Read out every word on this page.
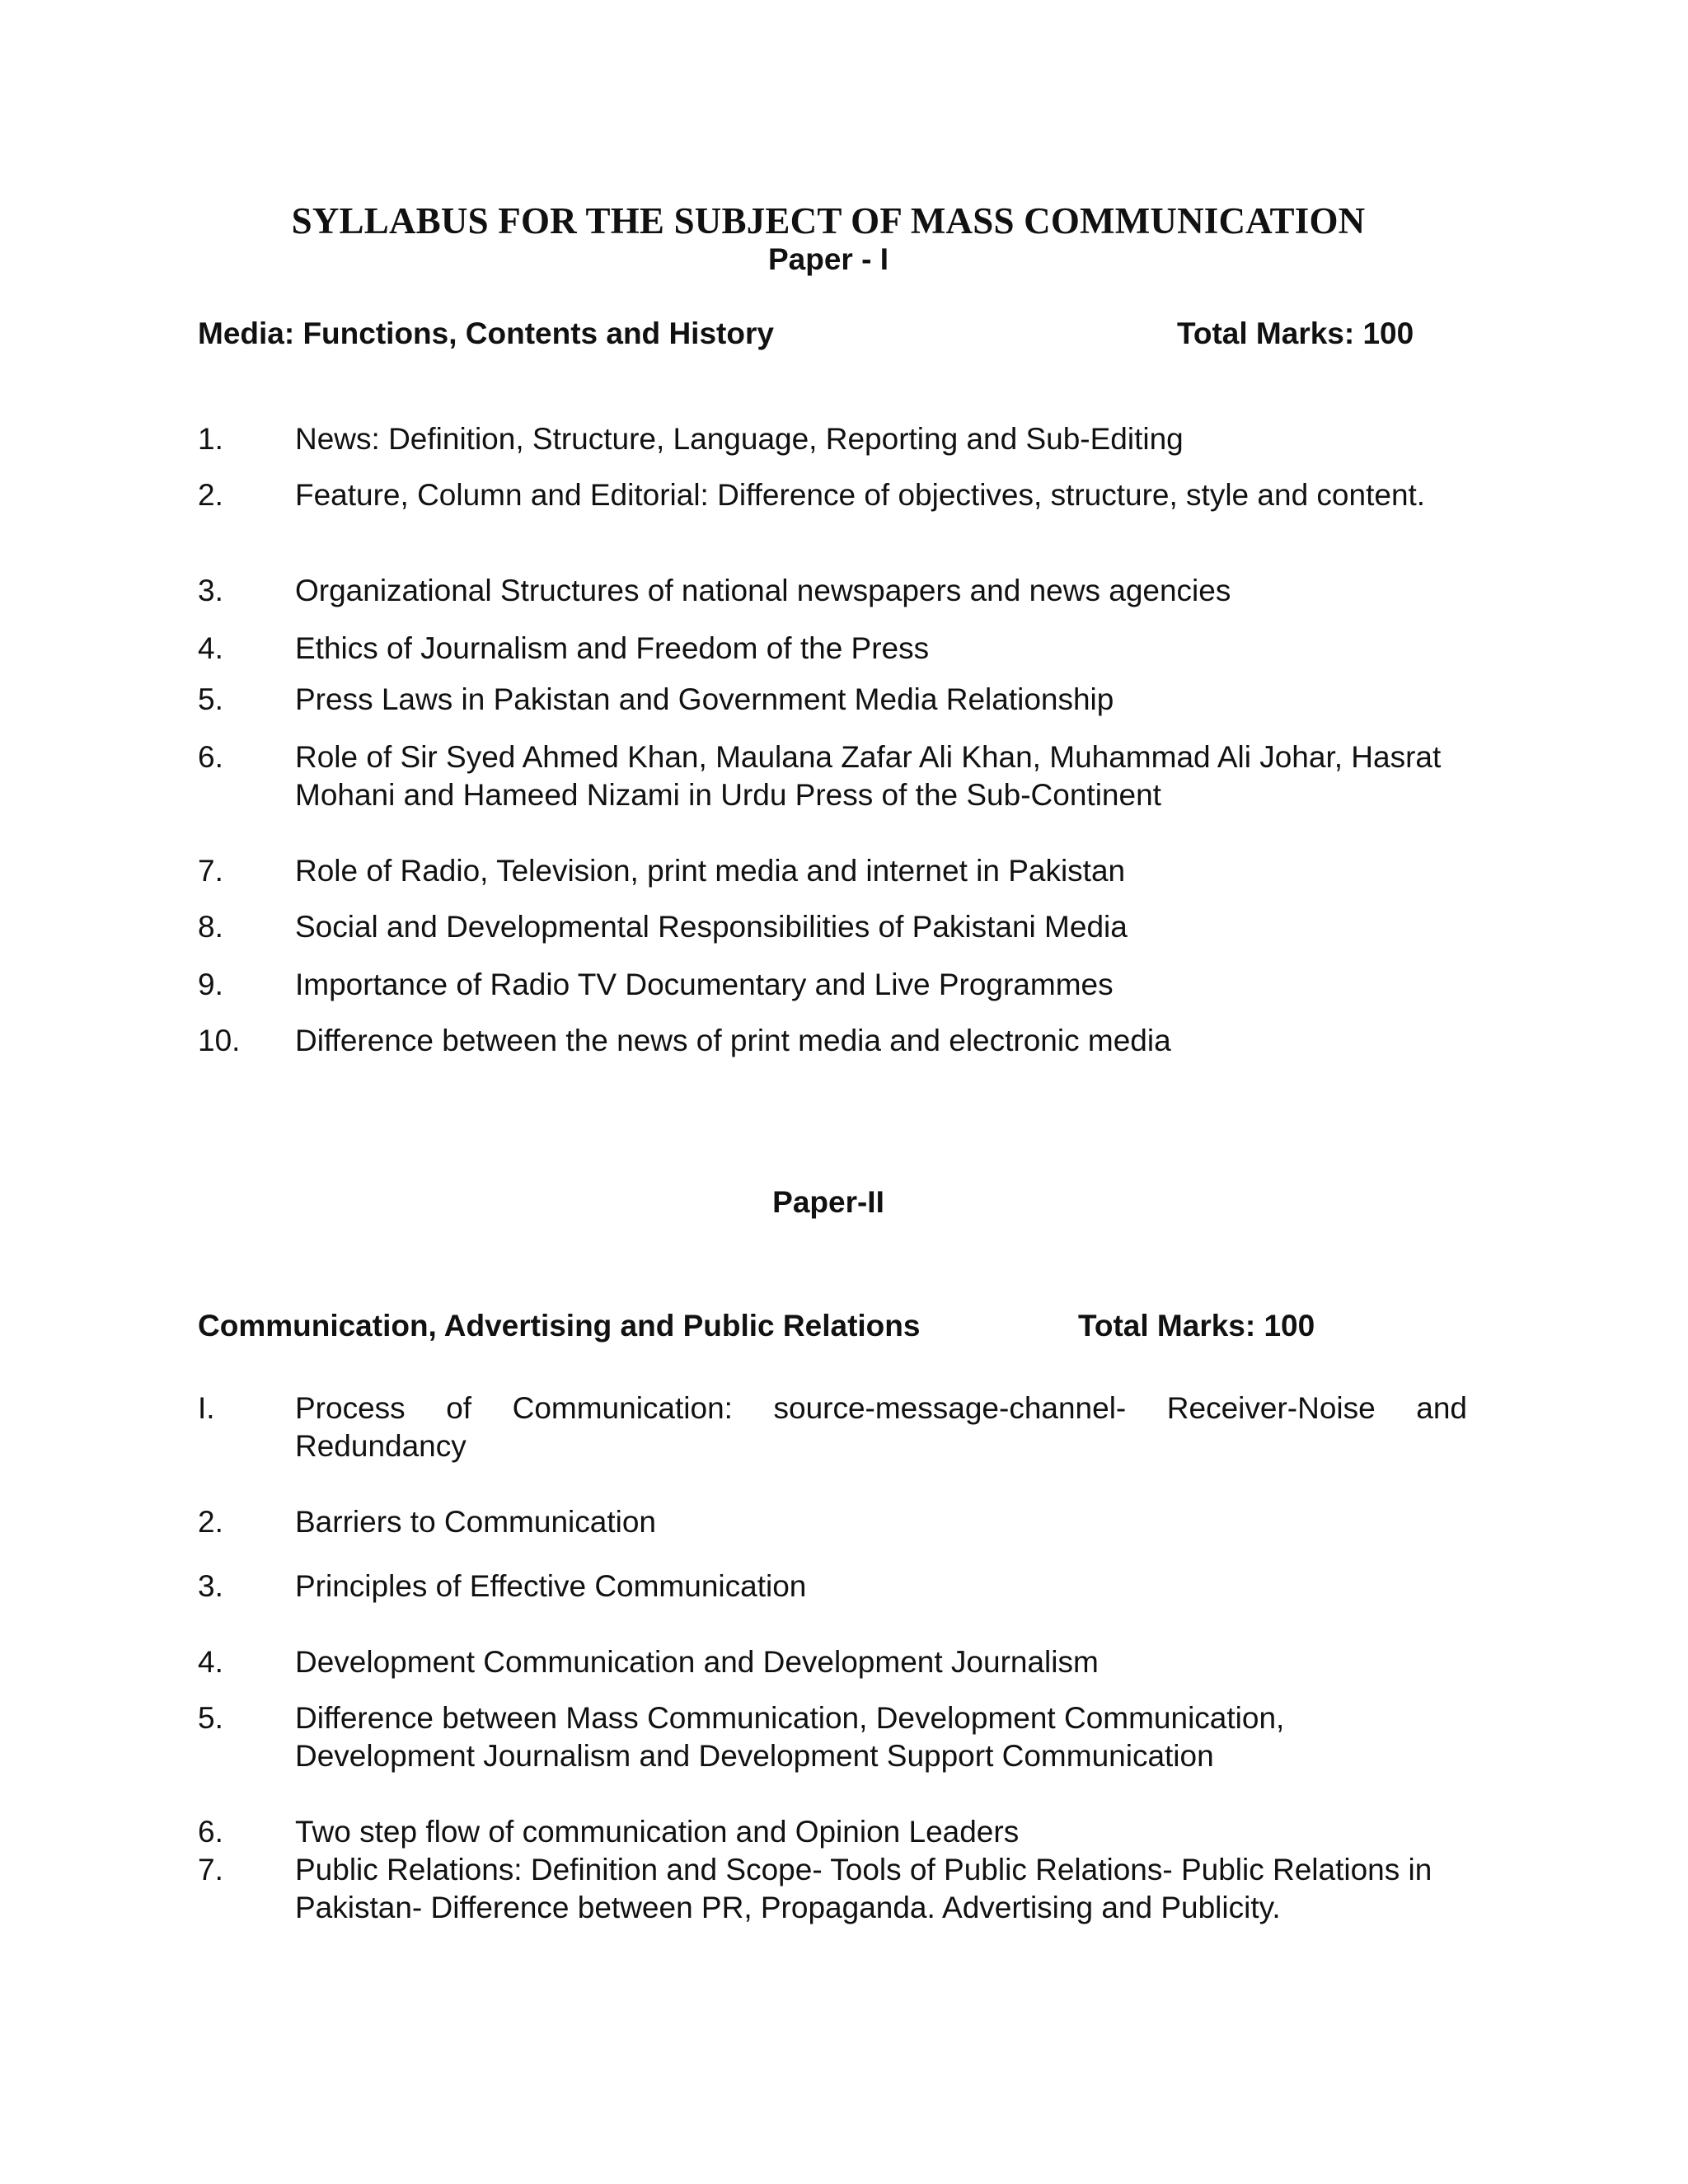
SYLLABUS FOR THE SUBJECT OF MASS COMMUNICATION
Paper - I
Media: Functions, Contents and History	Total Marks: 100
1. News: Definition, Structure, Language, Reporting and Sub-Editing
2. Feature, Column and Editorial: Difference of objectives, structure, style and content.
3. Organizational Structures of national newspapers and news agencies
4. Ethics of Journalism and Freedom of the Press
5. Press Laws in Pakistan and Government Media Relationship
6. Role of Sir Syed Ahmed Khan, Maulana Zafar Ali Khan, Muhammad Ali Johar, Hasrat Mohani and Hameed Nizami in Urdu Press of the Sub-Continent
7. Role of Radio, Television, print media and internet in Pakistan
8. Social and Developmental Responsibilities of Pakistani Media
9. Importance of Radio TV Documentary and Live Programmes
10. Difference between the news of print media and electronic media
Paper-II
Communication, Advertising and Public Relations	Total Marks: 100
I.	Process of Communication: source-message-channel- Receiver-Noise and Redundancy
2. Barriers to Communication
3. Principles of Effective Communication
4. Development Communication and Development Journalism
5. Difference between Mass Communication, Development Communication, Development Journalism and Development Support Communication
6. Two step flow of communication and Opinion Leaders
7. Public Relations: Definition and Scope- Tools of Public Relations- Public Relations in Pakistan- Difference between PR, Propaganda. Advertising and Publicity.
